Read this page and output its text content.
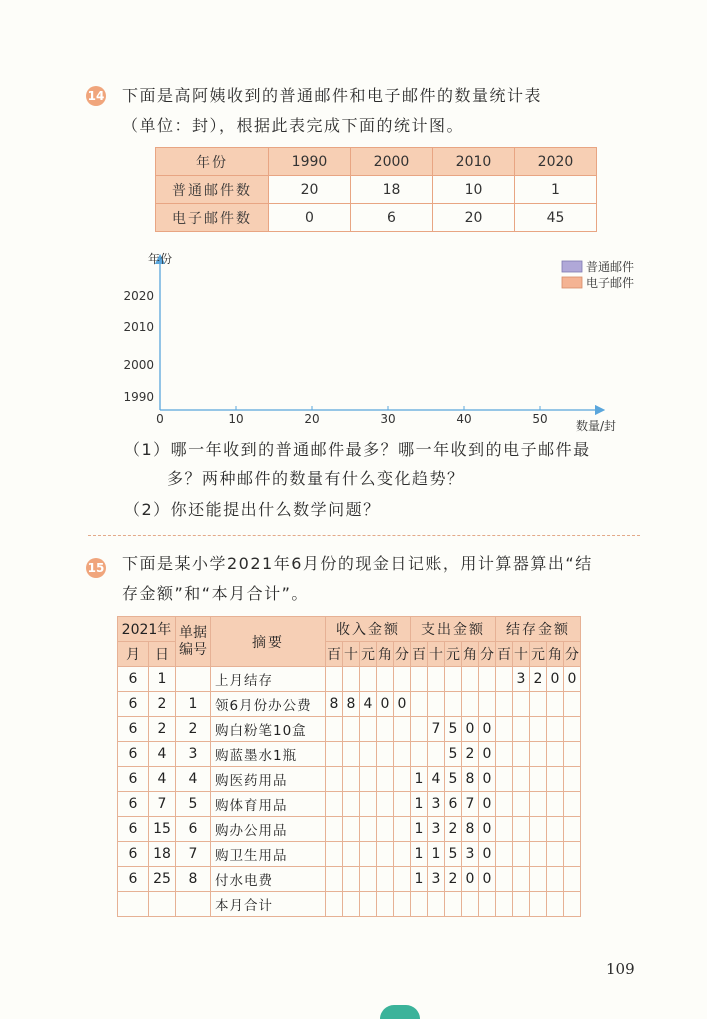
14 下面是高阿姨收到的普通邮件和电子邮件的数量统计表
（单位：封），根据此表完成下面的统计图。
年份	1990	2000	2010	2020
普通邮件数	20	18	10	1
电子邮件数	0	6	20	45
年份
数量/封
1990
2000
2010
2020
0	10	20	30	40	50
普通邮件
电子邮件
（1）哪一年收到的普通邮件最多？哪一年收到的电子邮件最
多？两种邮件的数量有什么变化趋势？
（2）你还能提出什么数学问题？
15 下面是某小学2021年6月份的现金日记账，用计算器算出“结
存金额”和“本月合计”。
2021年		单据编号	摘要	收入金额					支出金额					结存金额				
月	日			百	十	元	角	分	百	十	元	角	分	百	十	元	角	分
6	1		上月结存												3	2	0	0
6	2	1	领6月份办公费	8	8	4	0	0										
6	2	2	购白粉笔10盒							7	5	0	0					
6	4	3	购蓝墨水1瓶								5	2	0					
6	4	4	购医药用品						1	4	5	8	0					
6	7	5	购体育用品						1	3	6	7	0					
6	15	6	购办公用品						1	3	2	8	0					
6	18	7	购卫生用品						1	1	5	3	0					
6	25	8	付水电费						1	3	2	0	0					
			本月合计															
109
